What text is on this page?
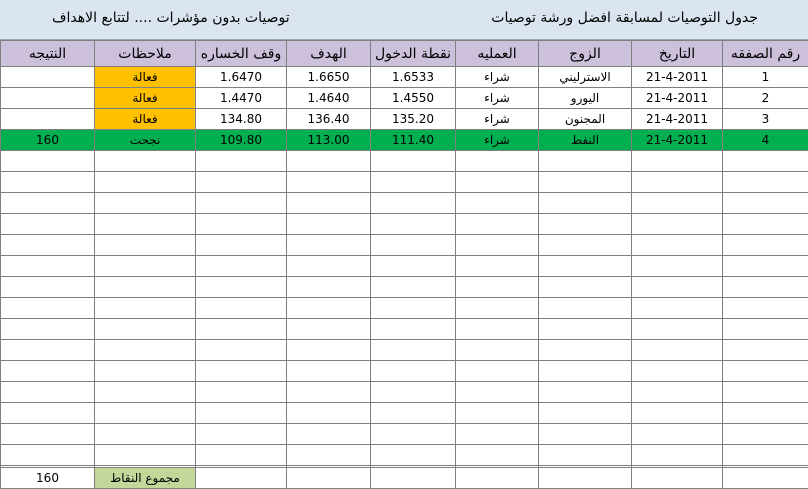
جدول التوصيات لمسابقة افضل ورشة توصيات
توصيات بدون مؤشرات .... لتتابع الاهداف
النتيجه	ملاحظات	وقف الخساره	الهدف	نقطة الدخول	العمليه	الزوج	التاريخ	رقم الصفقه
	فعالة	1.6470	1.6650	1.6533	شراء	الاسترليني	21-4-2011	1
	فعالة	1.4470	1.4640	1.4550	شراء	اليورو	21-4-2011	2
	فعالة	134.80	136.40	135.20	شراء	المجنون	21-4-2011	3
160	نجحت	109.80	113.00	111.40	شراء	النفط	21-4-2011	4

160	مجموع النقاط							
